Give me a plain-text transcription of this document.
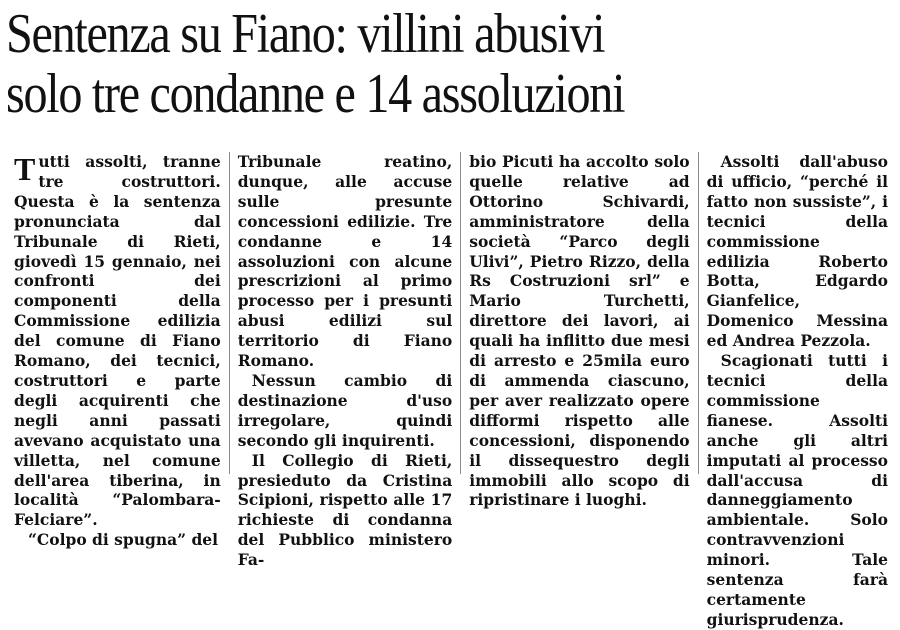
Sentenza su Fiano: villini abusivi
solo tre condanne e 14 assoluzioni

Tutti assolti, tranne tre costruttori. Questa è la sentenza pronunciata dal Tribunale di Rieti, giovedì 15 gennaio, nei confronti dei componenti della Commissione edilizia del comune di Fiano Romano, dei tecnici, costruttori e parte degli acquirenti che negli anni passati avevano acquistato una villetta, nel comune dell'area tiberina, in località “Palombara-Felciare”.

“Colpo di spugna” del

Tribunale reatino, dunque, alle accuse sulle presunte concessioni edilizie. Tre condanne e 14 assoluzioni con alcune prescrizioni al primo processo per i presunti abusi edilizi sul territorio di Fiano Romano.

Nessun cambio di destinazione d'uso irregolare, quindi secondo gli inquirenti.

Il Collegio di Rieti, presieduto da Cristina Scipioni, rispetto alle 17 richieste di condanna del Pubblico ministero Fa-

bio Picuti ha accolto solo quelle relative ad Ottorino Schivardi, amministratore della società “Parco degli Ulivi”, Pietro Rizzo, della Rs Costruzioni srl” e Mario Turchetti, direttore dei lavori, ai quali ha inflitto due mesi di arresto e 25mila euro di ammenda ciascuno, per aver realizzato opere difformi rispetto alle concessioni, disponendo il dissequestro degli immobili allo scopo di ripristinare i luoghi.

Assolti dall'abuso di ufficio, “perché il fatto non sussiste”, i tecnici della commissione edilizia Roberto Botta, Edgardo Gianfelice, Domenico Messina ed Andrea Pezzola.

Scagionati tutti i tecnici della commissione fianese. Assolti anche gli altri imputati al processo dall'accusa di danneggiamento ambientale. Solo contravvenzioni minori. Tale sentenza farà certamente giurisprudenza.
